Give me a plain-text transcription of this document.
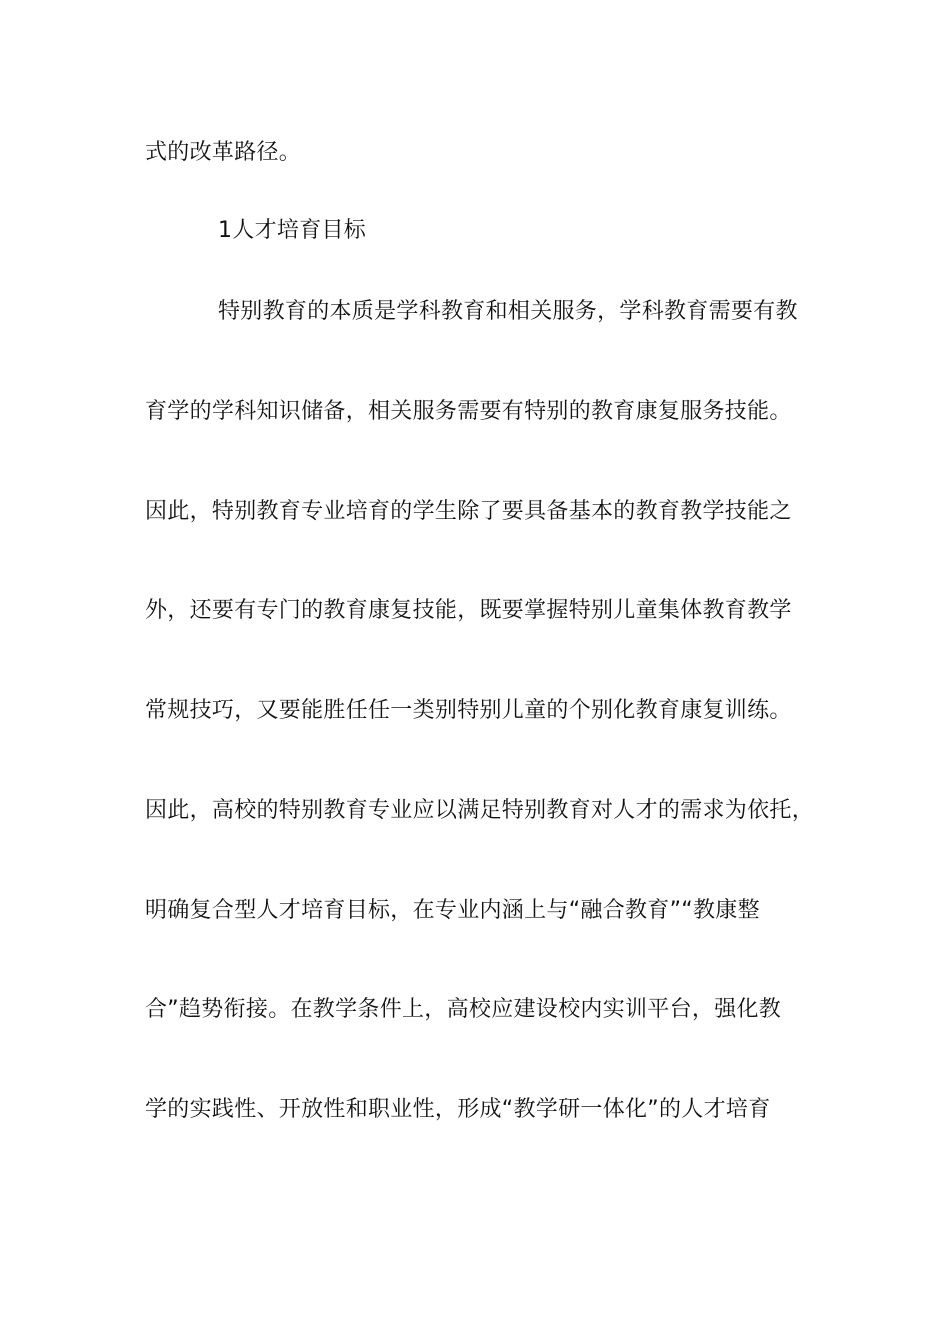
式的改革路径。

1人才培育目标

特别教育的本质是学科教育和相关服务，学科教育需要有教

育学的学科知识储备，相关服务需要有特别的教育康复服务技能。

因此，特别教育专业培育的学生除了要具备基本的教育教学技能之

外，还要有专门的教育康复技能，既要掌握特别儿童集体教育教学

常规技巧，又要能胜任任一类别特别儿童的个别化教育康复训练。

因此，高校的特别教育专业应以满足特别教育对人才的需求为依托，

明确复合型人才培育目标，在专业内涵上与“融合教育”“教康整

合”趋势衔接。在教学条件上，高校应建设校内实训平台，强化教

学的实践性、开放性和职业性，形成“教学研一体化”的人才培育
